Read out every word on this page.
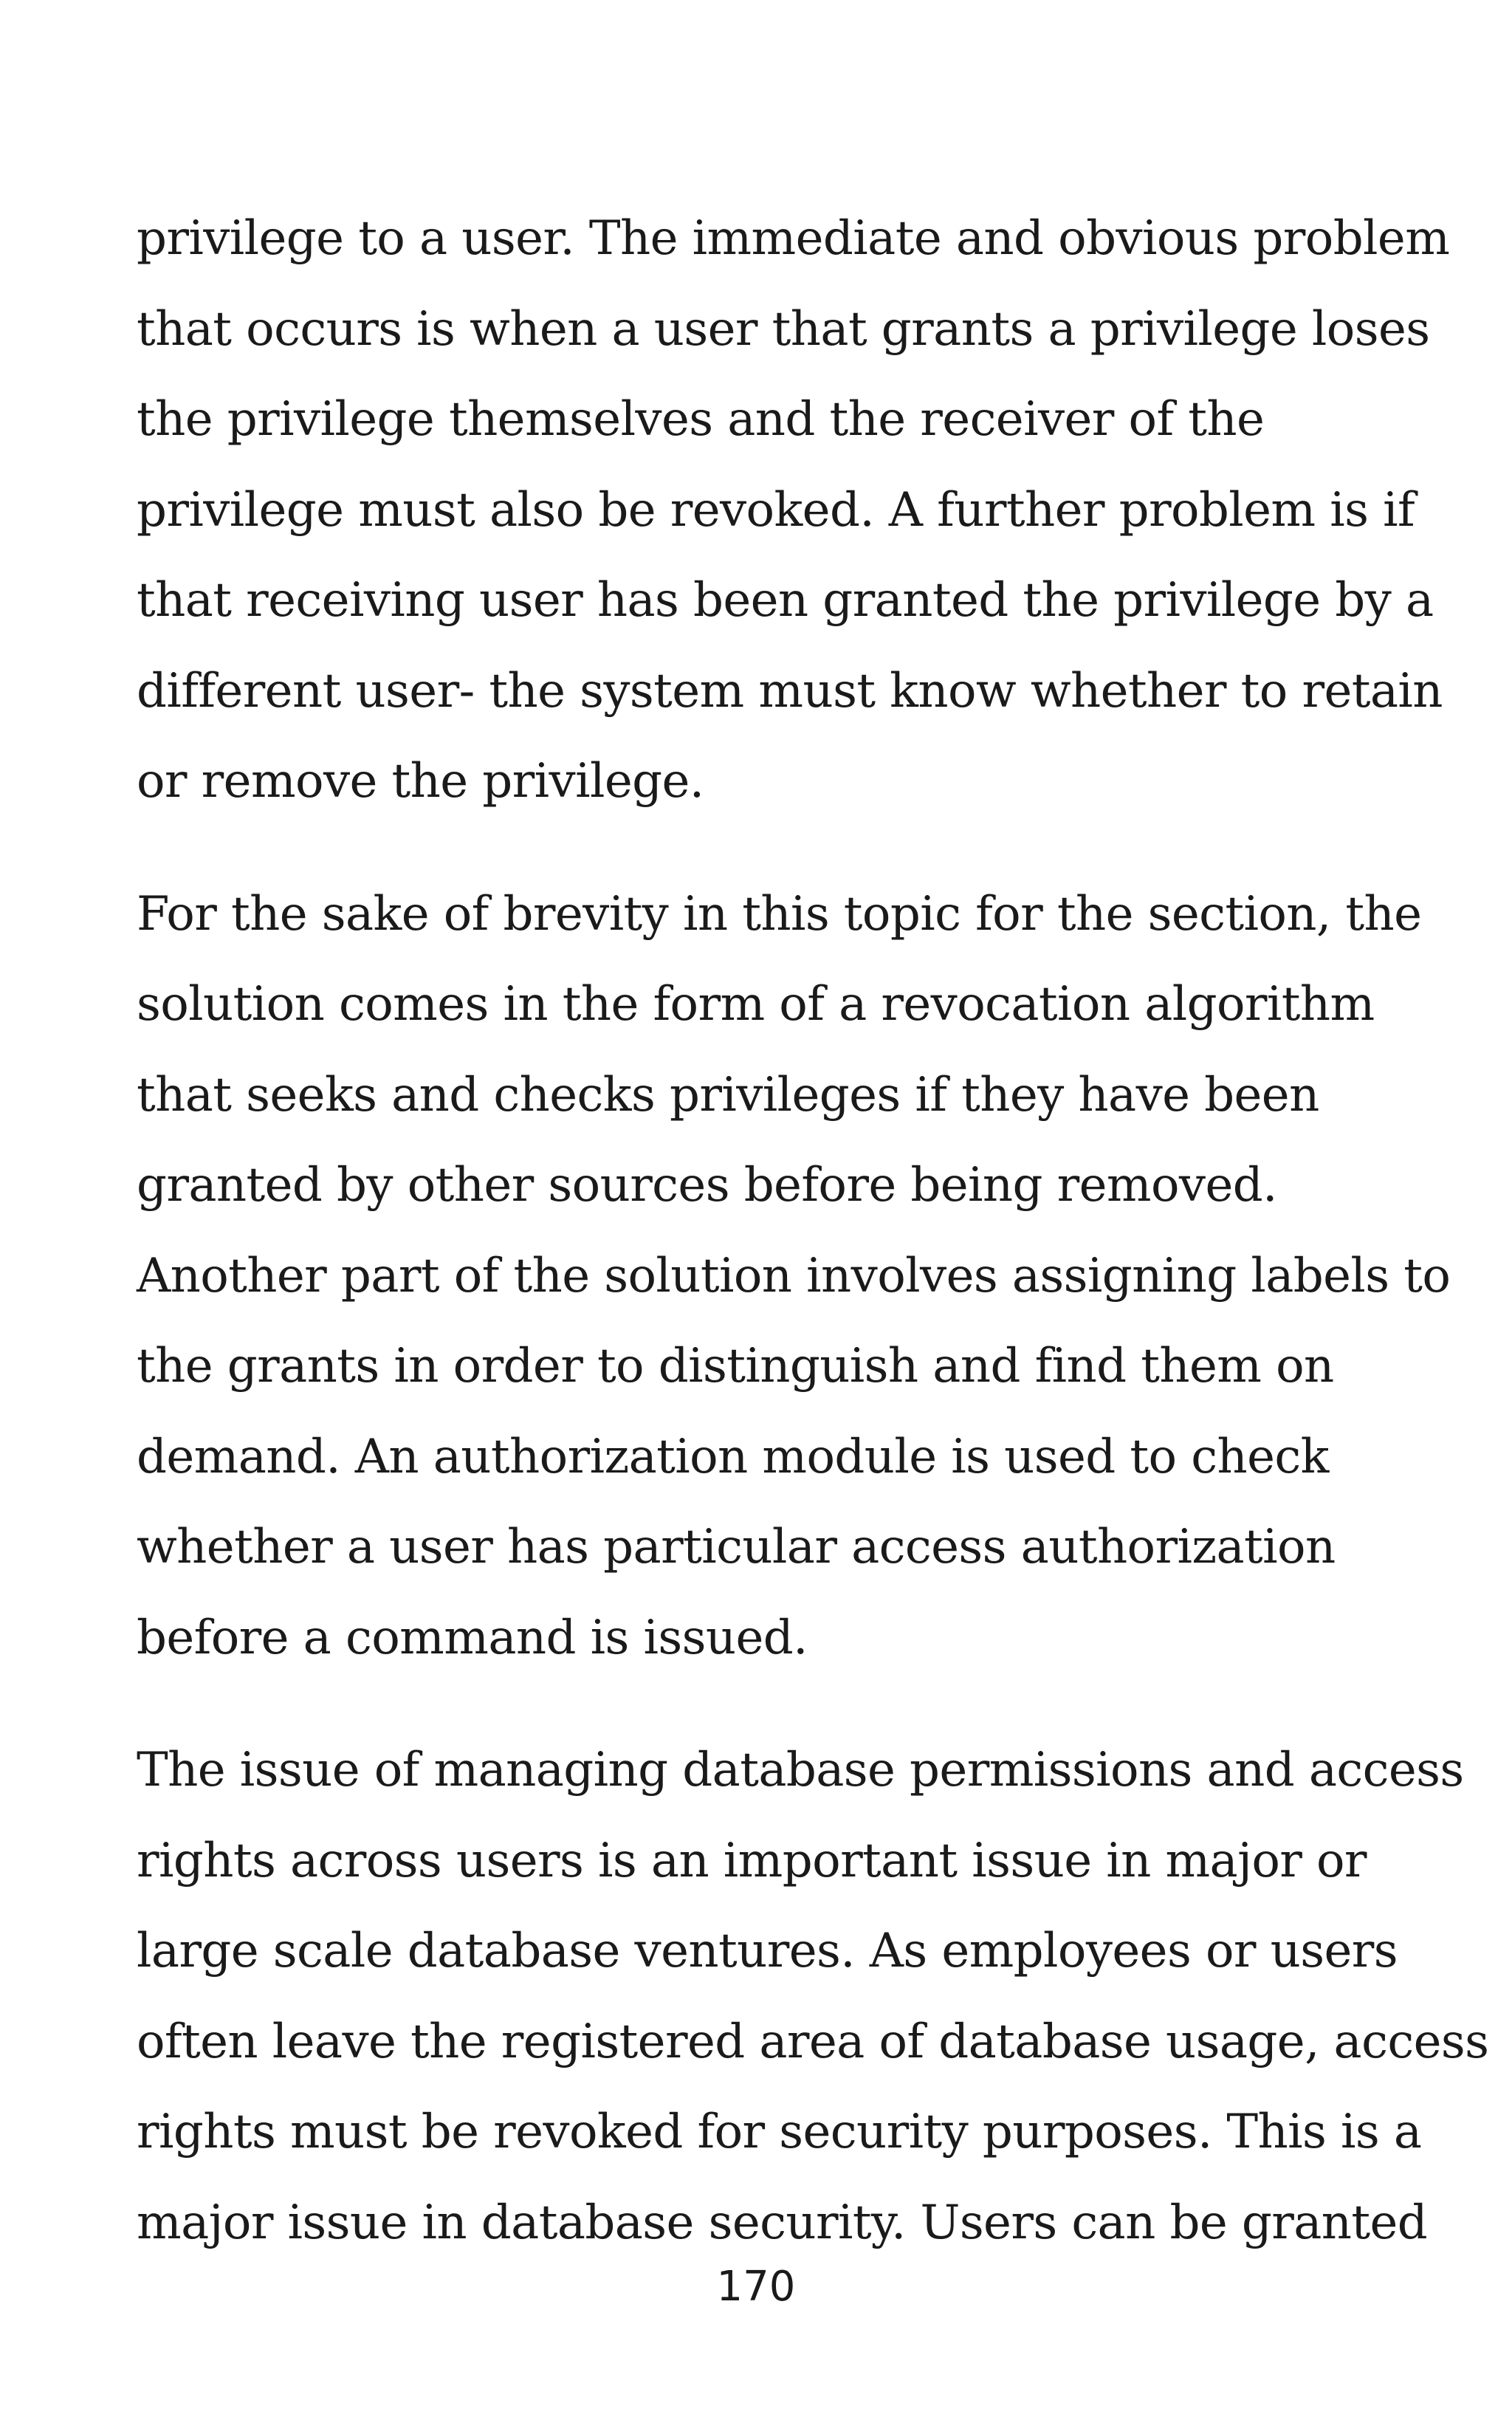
privilege to a user. The immediate and obvious problem
that occurs is when a user that grants a privilege loses
the privilege themselves and the receiver of the
privilege must also be revoked. A further problem is if
that receiving user has been granted the privilege by a
different user- the system must know whether to retain
or remove the privilege.

For the sake of brevity in this topic for the section, the
solution comes in the form of a revocation algorithm
that seeks and checks privileges if they have been
granted by other sources before being removed.
Another part of the solution involves assigning labels to
the grants in order to distinguish and find them on
demand. An authorization module is used to check
whether a user has particular access authorization
before a command is issued.

The issue of managing database permissions and access
rights across users is an important issue in major or
large scale database ventures. As employees or users
often leave the registered area of database usage, access
rights must be revoked for security purposes. This is a
major issue in database security. Users can be granted

170
